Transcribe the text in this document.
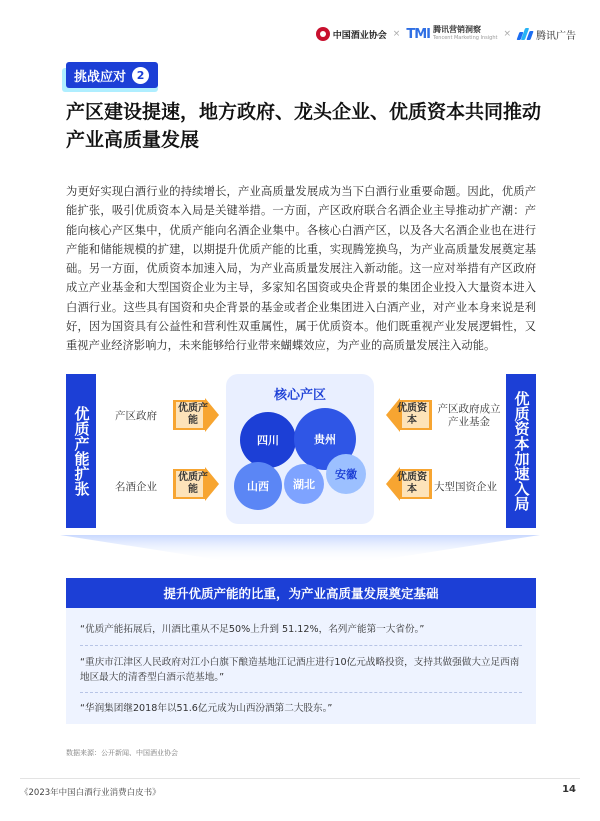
中国酒业协会 × TMI 腾讯营销洞察
Tencent Marketing Insight ×	腾讯广告
挑战应对 2
产区建设提速，地方政府、龙头企业、优质资本共同推动产业高质量发展
为更好实现白酒行业的持续增长，产业高质量发展成为当下白酒行业重要命题。因此，优质产能扩张，吸引优质资本入局是关键举措。一方面，产区政府联合名酒企业主导推动扩产潮：产能向核心产区集中，优质产能向名酒企业集中。各核心白酒产区，以及各大名酒企业也在进行产能和储能规模的扩建，以期提升优质产能的比重，实现腾笼换鸟，为产业高质量发展奠定基础。另一方面，优质资本加速入局，为产业高质量发展注入新动能。这一应对举措有产区政府成立产业基金和大型国资企业为主导，多家知名国资或央企背景的集团企业投入大量资本进入白酒行业。这些具有国资和央企背景的基金或者企业集团进入白酒产业，对产业本身来说是利好，因为国资具有公益性和营利性双重属性，属于优质资本。他们既重视产业发展逻辑性，又重视产业经济影响力，未来能够给行业带来蝴蝶效应，为产业的高质量发展注入动能。
优质产能扩张	优质资本加速入局
产区政府
名酒企业
优质产能
优质产能
优质资本
优质资本
产区政府成立产业基金
大型国资企业
核心产区
四川	贵州
山西 湖北
安徽
提升优质产能的比重，为产业高质量发展奠定基础
“优质产能拓展后，川酒比重从不足50%上升到 51.12%，名列产能第一大省份。”
“重庆市江津区人民政府对江小白旗下酿造基地江记酒庄进行10亿元战略投资，支持其做强做大立足西南地区最大的清香型白酒示范基地。”
“华润集团继2018年以51.6亿元成为山西汾酒第二大股东。”
数据来源：公开新闻、中国酒业协会
《2023年中国白酒行业消费白皮书》	14
